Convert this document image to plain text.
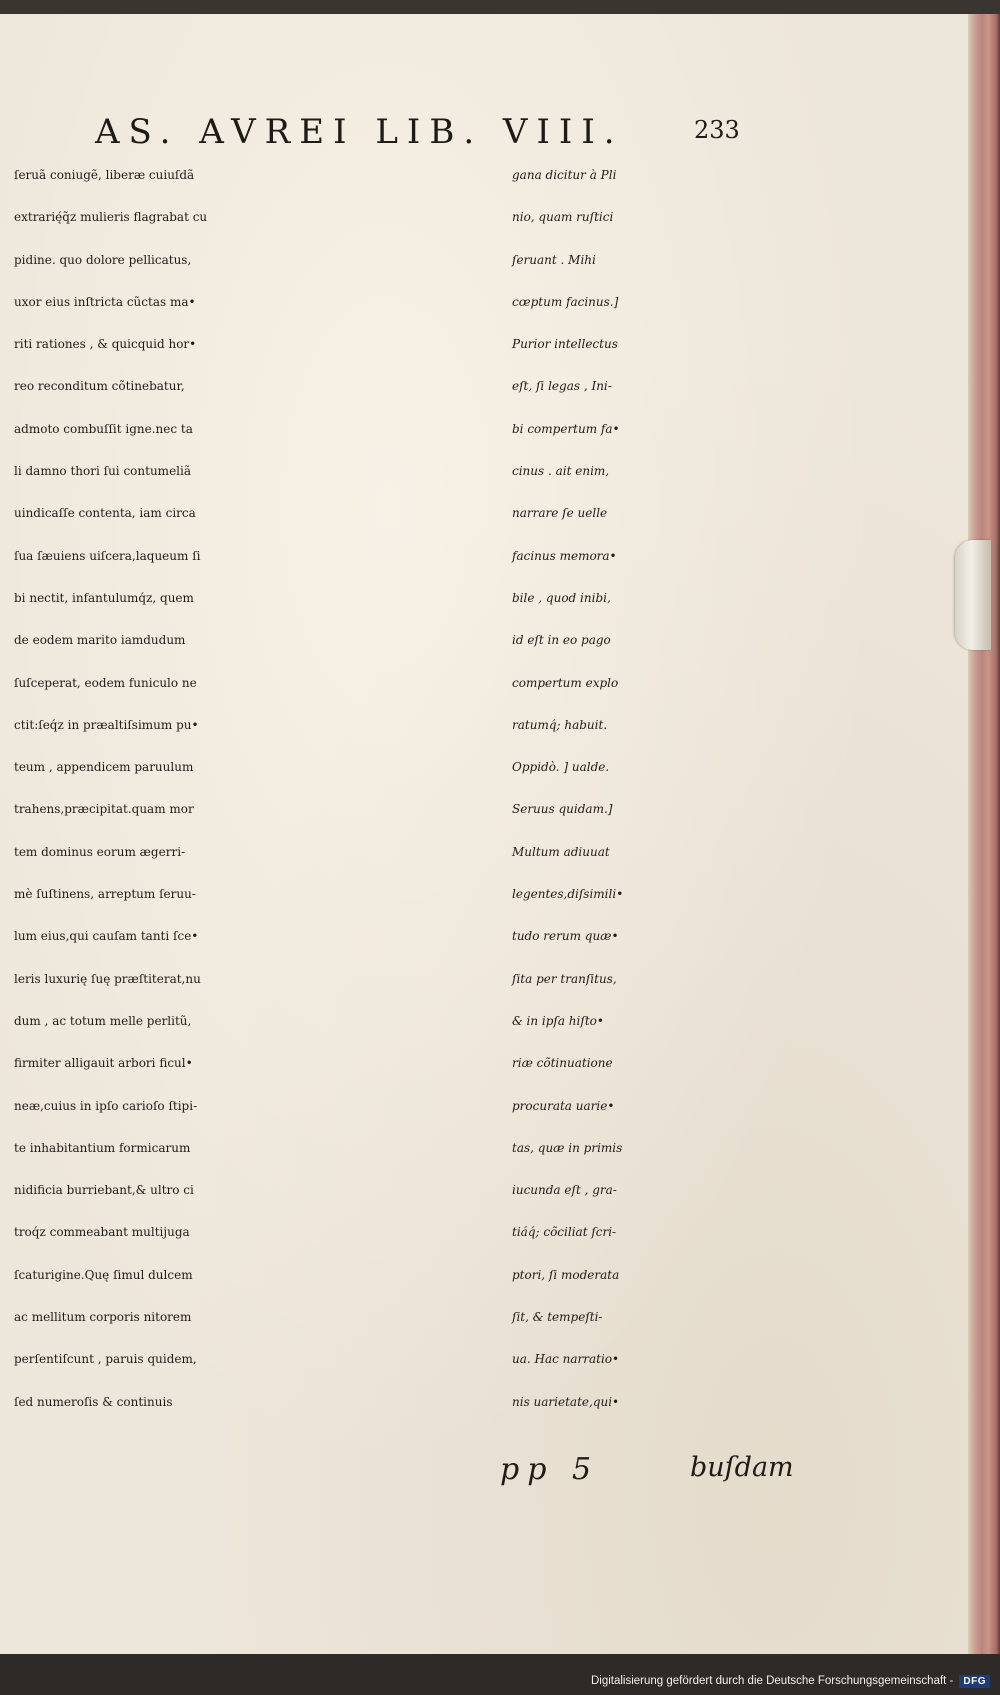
AS. AVREI LIB. VIII.	233
ſeruã coniugẽ, liberæ cuiuſdã
extrarię́q̃z mulieris flagrabat cu
pidine. quo dolore pellicatus,
uxor eius inſtricta cũctas ma•
riti rationes , & quicquid hor•
reo reconditum cõtinebatur,
admoto combuſſit igne.nec ta
li damno thori ſui contumeliã
uindicaſſe contenta, iam circa
ſua ſæuiens uiſcera,laqueum ſi
bi nectit, infantulumq́z, quem
de eodem marito iamdudum
ſuſceperat, eodem funiculo ne
ctit:ſeq́z in præaltiſsimum pu•
teum , appendicem paruulum
trahens,præcipitat.quam mor
tem dominus eorum ægerri-
mè ſuſtinens, arreptum ſeruu-
lum eius,qui cauſam tanti ſce•
leris luxurię ſuę præſtiterat,nu
dum , ac totum melle perlitũ,
firmiter alligauit arbori ficul•
neæ,cuius in ipſo carioſo ſtipi-
te inhabitantium formicarum
nidificia burriebant,& ultro ci
troq́z commeabant multijuga
ſcaturigine.Quę ſimul dulcem
ac mellitum corporis nitorem
perſentiſcunt , paruis quidem,
ſed numeroſis & continuis
gana dicitur à Pli
nio, quam ruſtici
ſeruant . Mihi
cœptum facinus.]
Purior intellectus
eſt, ſi legas , Ini-
bi compertum fa•
cinus . ait enim,
narrare ſe uelle
facinus memora•
bile , quod inibi,
id eſt in eo pago
compertum explo
ratumq́; habuit.
Oppidò. ] ualde.
Seruus quidam.]
Multum adiuuat
legentes,diſsimili•
tudo rerum quæ•
ſita per tranſitus,
& in ipſa hiſto•
riæ cõtinuatione
procurata uarie•
tas, quæ in primis
iucunda eſt , gra-
tiáq́; cõciliat ſcri-
ptori, ſi moderata
ſit, & tempeſti-
ua. Hac narratio•
nis uarietate,qui•
pp 5	buſdam
Digitalisierung gefördert durch die Deutsche Forschungsgemeinschaft -	DFG
